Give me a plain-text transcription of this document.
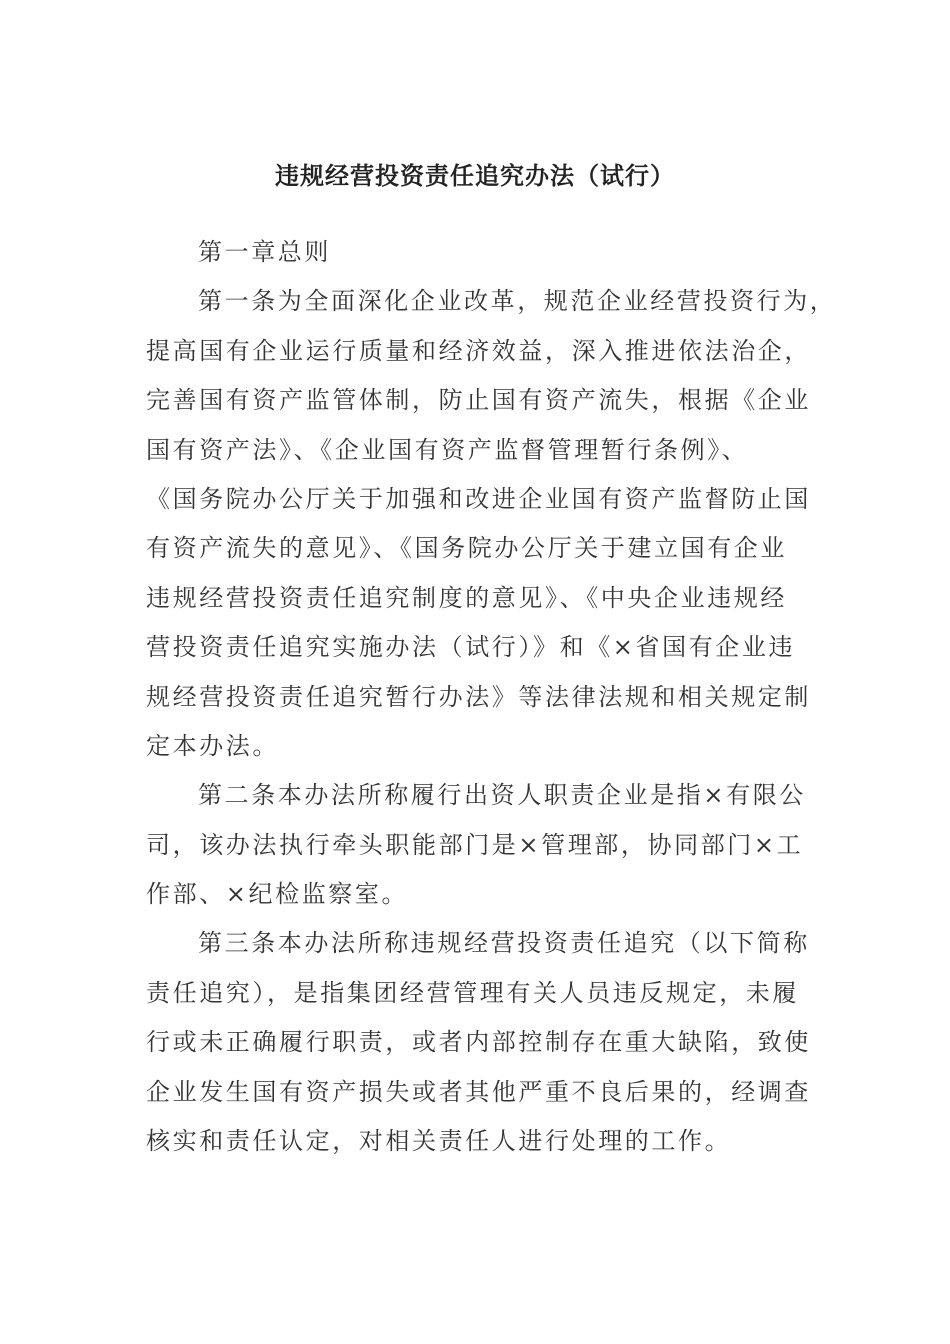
违规经营投资责任追究办法（试行）
第一章总则
第一条为全面深化企业改革，规范企业经营投资行为，
提高国有企业运行质量和经济效益，深入推进依法治企，
完善国有资产监管体制，防止国有资产流失，根据《企业
国有资产法》、《企业国有资产监督管理暂行条例》、
《国务院办公厅关于加强和改进企业国有资产监督防止国
有资产流失的意见》、《国务院办公厅关于建立国有企业
违规经营投资责任追究制度的意见》、《中央企业违规经
营投资责任追究实施办法（试行）》和《×省国有企业违
规经营投资责任追究暂行办法》等法律法规和相关规定制
定本办法。
第二条本办法所称履行出资人职责企业是指×有限公
司，该办法执行牵头职能部门是×管理部，协同部门×工
作部、×纪检监察室。
第三条本办法所称违规经营投资责任追究（以下简称
责任追究），是指集团经营管理有关人员违反规定，未履
行或未正确履行职责，或者内部控制存在重大缺陷，致使
企业发生国有资产损失或者其他严重不良后果的，经调查
核实和责任认定，对相关责任人进行处理的工作。
